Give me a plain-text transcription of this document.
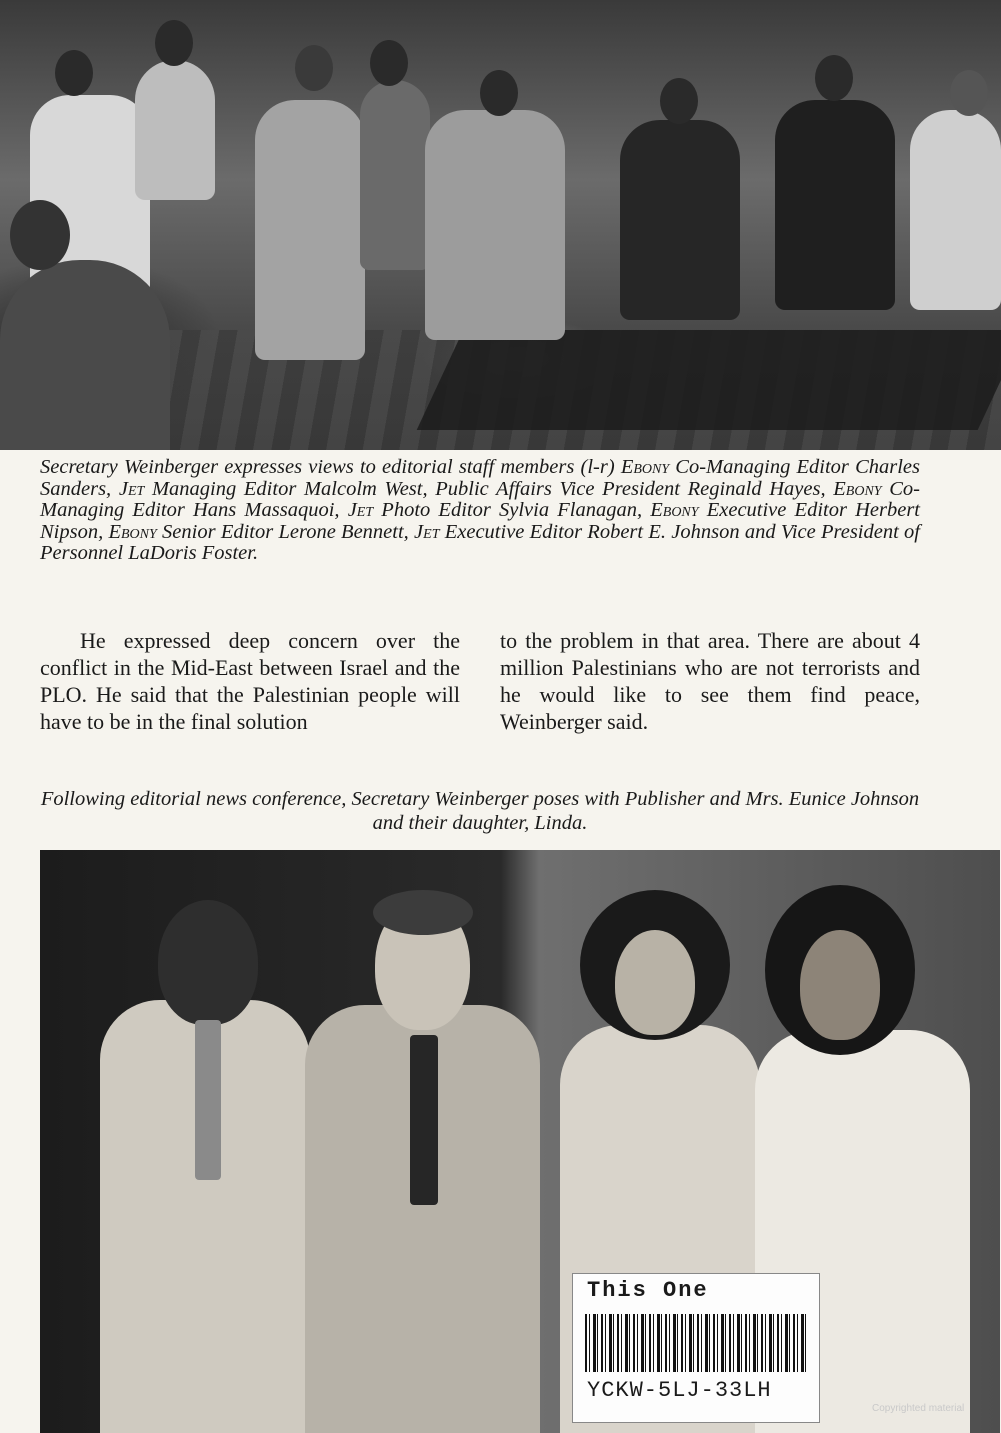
Secretary Weinberger expresses views to editorial staff members (l-r) Ebony Co-Managing Editor Charles Sanders, Jet Managing Editor Malcolm West, Public Affairs Vice President Reginald Hayes, Ebony Co-Managing Editor Hans Massaquoi, Jet Photo Editor Sylvia Flanagan, Ebony Executive Editor Herbert Nipson, Ebony Senior Editor Lerone Bennett, Jet Executive Editor Robert E. Johnson and Vice President of Personnel LaDoris Foster.
He expressed deep concern over the conflict in the Mid-East between Israel and the PLO. He said that the Palestinian people will have to be in the final solution
to the problem in that area. There are about 4 million Palestinians who are not terrorists and he would like to see them find peace, Weinberger said.
Following editorial news conference, Secretary Weinberger poses with Publisher and Mrs. Eunice Johnson and their daughter, Linda.
This One
YCKW-5LJ-33LH
Copyrighted material
